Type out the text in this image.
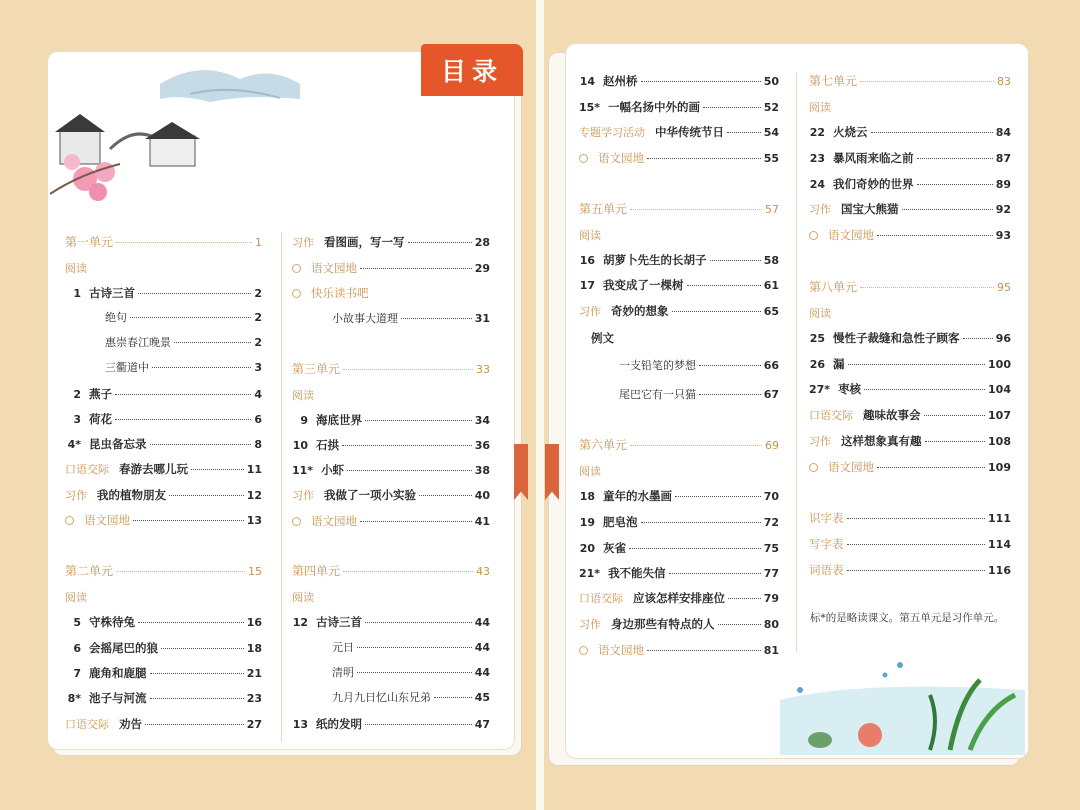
目录
第一单元	1
阅读
1 古诗三首	2
绝句	2
惠崇春江晚景	2
三衢道中	3
2 燕子	4
3 荷花	6
4* 昆虫备忘录	8
口语交际 春游去哪儿玩	11
习作 我的植物朋友	12
语文园地	13
第二单元	15
阅读
5 守株待兔	16
6 会摇尾巴的狼	18
7 鹿角和鹿腿	21
8* 池子与河流	23
口语交际 劝告	27
习作 看图画，写一写	28
语文园地	29
快乐读书吧
小故事大道理	31
第三单元	33
阅读
9 海底世界	34
10 石拱	36
11* 小虾	38
习作 我做了一项小实验	40
语文园地	41
第四单元	43
阅读
12 古诗三首	44
元日	44
清明	44
九月九日忆山东兄弟	45
13 纸的发明	47
14 赵州桥	50
15* 一幅名扬中外的画	52
专题学习活动 中华传统节日	54
语文园地	55
第五单元	57
阅读
16 胡萝卜先生的长胡子	58
17 我变成了一棵树	61
习作 奇妙的想象	65
例文
一支铅笔的梦想	66
尾巴它有一只猫	67
第六单元	69
阅读
18 童年的水墨画	70
19 肥皂泡	72
20 灰雀	75
21* 我不能失信	77
口语交际 应该怎样安排座位	79
习作 身边那些有特点的人	80
语文园地	81
第七单元	83
阅读
22 火烧云	84
23 暴风雨来临之前	87
24 我们奇妙的世界	89
习作 国宝大熊猫	92
语文园地	93
第八单元	95
阅读
25 慢性子裁缝和急性子顾客	96
26 漏	100
27* 枣核	104
口语交际 趣味故事会	107
习作 这样想象真有趣	108
语文园地	109
识字表	111
写字表	114
词语表	116
标*的是略读课文。第五单元是习作单元。
